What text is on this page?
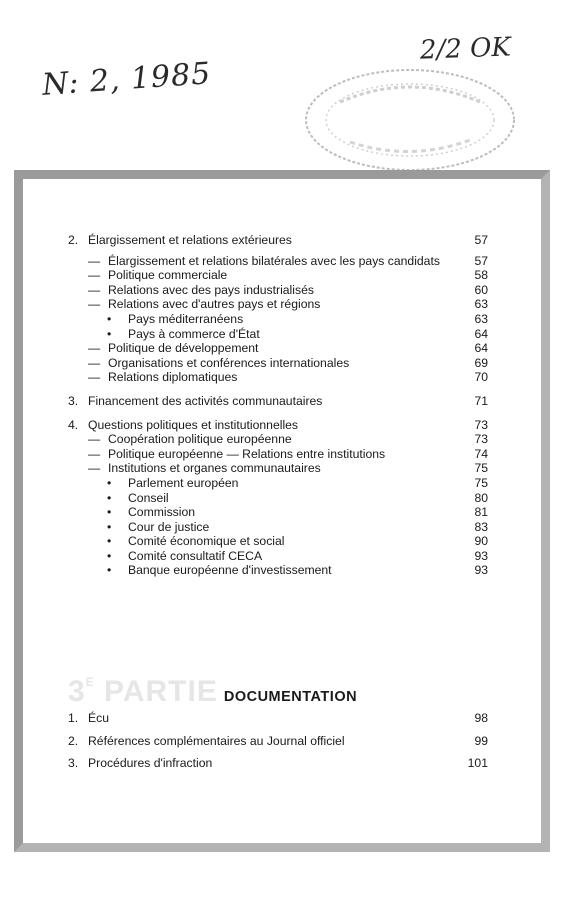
N: 2, 1985
2/2 OK
2. Élargissement et relations extérieures	57
— Élargissement et relations bilatérales avec les pays candidats	57
— Politique commerciale	58
— Relations avec des pays industrialisés	60
— Relations avec d'autres pays et régions	63
•	Pays méditerranéens	63
•	Pays à commerce d'État	64
— Politique de développement	64
— Organisations et conférences internationales	69
— Relations diplomatiques	70
3. Financement des activités communautaires	71
4. Questions politiques et institutionnelles	73
— Coopération politique européenne	73
— Politique européenne — Relations entre institutions	74
— Institutions et organes communautaires	75
•	Parlement européen	75
•	Conseil	80
•	Commission	81
•	Cour de justice	83
•	Comité économique et social	90
•	Comité consultatif CECA	93
•	Banque européenne d'investissement	93
$3^E$ PARTIE DOCUMENTATION
1. Écu	98
2. Références complémentaires au Journal officiel	99
3. Procédures d'infraction	101
